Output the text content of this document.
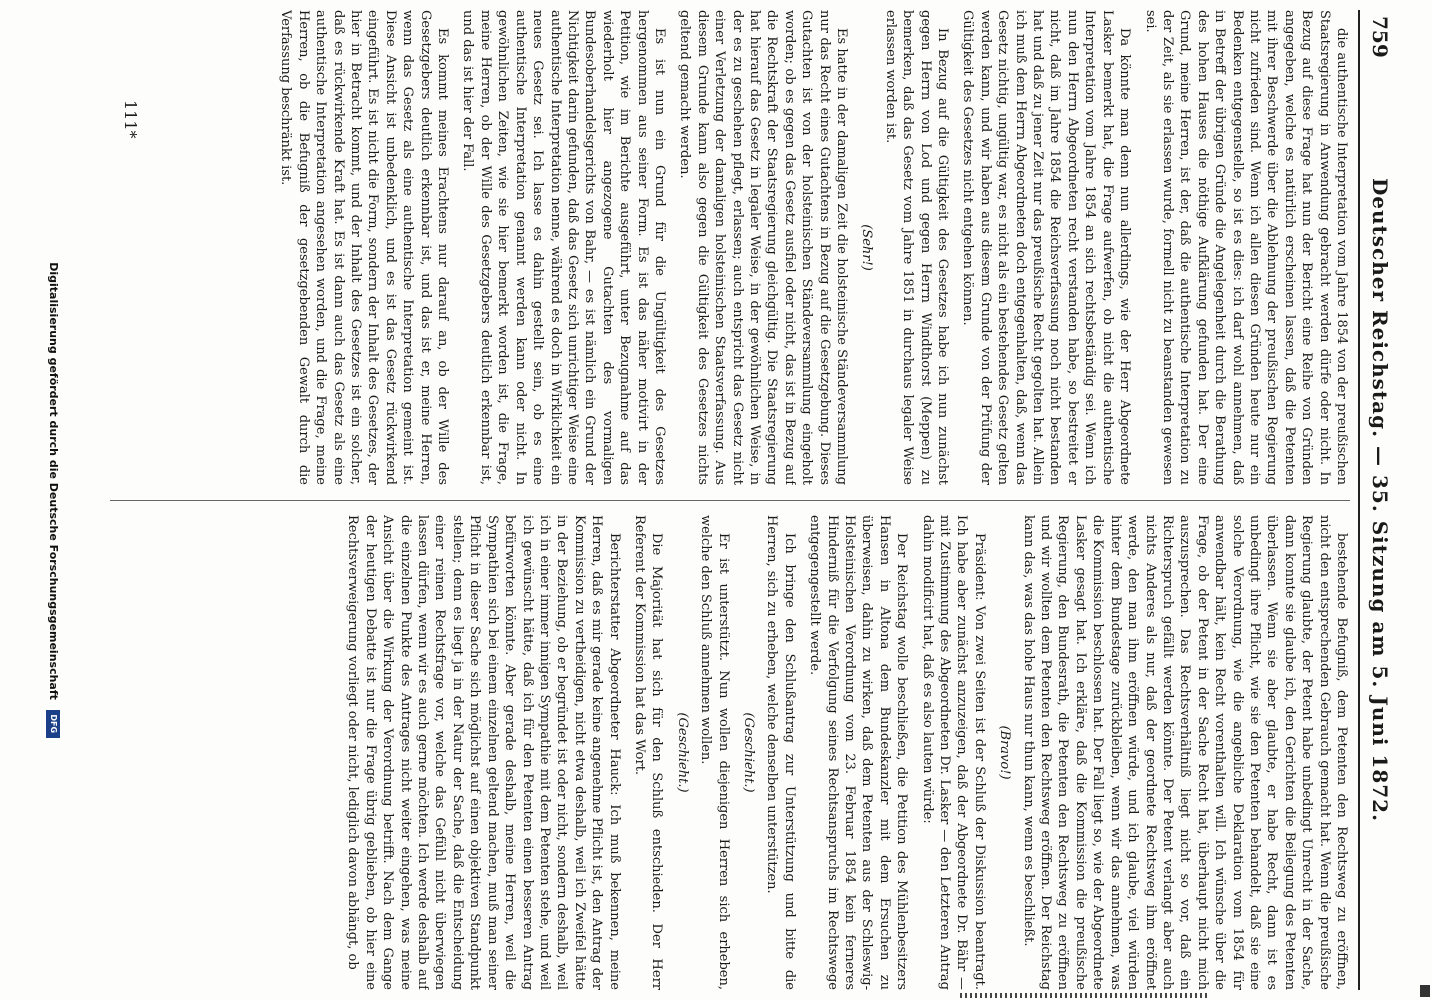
759
Deutscher Reichstag. — 35. Sitzung am 5. Juni 1872.

die authentische Interpretation vom Jahre 1854 von der preußischen Staatsregierung in Anwendung gebracht werden dürfe oder nicht. In Bezug auf diese Frage hat nun der Bericht eine Reihe von Gründen angegeben, welche es natürlich erscheinen lassen, daß die Petenten mit ihrer Beschwerde über die Ablehnung der preußischen Regierung nicht zufrieden sind. Wenn ich allen diesen Gründen heute nur ein Bedenken entgegenstelle, so ist es dies: ich darf wohl annehmen, daß in Betreff der übrigen Gründe die Angelegenheit durch die Berathung des hohen Hauses die nöthige Aufklärung gefunden hat. Der eine Grund, meine Herren, ist der, daß die authentische Interpretation zu der Zeit, als sie erlassen wurde, formell nicht zu beanstanden gewesen sei.

Da könnte man denn nun allerdings, wie der Herr Abgeordnete Lasker bemerkt hat, die Frage aufwerfen, ob nicht die authentische Interpretation vom Jahre 1854 an sich rechtsbeständig sei. Wenn ich nun den Herrn Abgeordneten recht verstanden habe, so bestreitet er nicht, daß im Jahre 1854 die Reichsverfassung noch nicht bestanden hat und daß zu jener Zeit nur das preußische Recht gegolten hat. Allein ich muß dem Herrn Abgeordneten doch entgegenhalten, daß, wenn das Gesetz nichtig, ungültig war, es nicht als ein bestehendes Gesetz gelten werden kann, und wir haben aus diesem Grunde von der Prüfung der Gültigkeit des Gesetzes nicht entgehen können.

In Bezug auf die Gültigkeit des Gesetzes habe ich nun zunächst gegen Herrn von Lod und gegen Herrn Windthorst (Meppen) zu bemerken, daß das Gesetz vom Jahre 1851 in durchaus legaler Weise erlassen worden ist.

(Sehr!)

Es hatte in der damaligen Zeit die holsteinische Ständeversammlung nur das Recht eines Gutachtens in Bezug auf die Gesetzgebung. Dieses Gutachten ist von der holsteinischen Ständeversammlung eingeholt worden; ob es gegen das Gesetz ausfiel oder nicht, das ist in Bezug auf die Rechtskraft der Staatsregierung gleichgültig. Die Staatsregierung hat hierauf das Gesetz in legaler Weise, in der gewöhnlichen Weise, in der es zu geschehen pflegt, erlassen; auch entspricht das Gesetz nicht einer Verletzung der damaligen holsteinischen Staatsverfassung. Aus diesem Grunde kann also gegen die Gültigkeit des Gesetzes nichts geltend gemacht werden.

Es ist nun ein Grund für die Ungültigkeit des Gesetzes hergenommen aus seiner Form. Es ist das näher motivirt in der Petition, wie im Berichte ausgeführt, unter Bezugnahme auf das wiederholt hier angezogene Gutachten des vormaligen Bundesoberhandelsgerichts von Bahr, — es ist nämlich ein Grund der Nichtigkeit darin gefunden, daß das Gesetz sich unrichtiger Weise eine authentische Interpretation nenne, während es doch in Wirklichkeit ein neues Gesetz sei. Ich lasse es dahin gestellt sein, ob es eine authentische Interpretation genannt werden kann oder nicht. In gewöhnlichen Zeiten, wie sie hier bemerkt worden ist, die Frage, meine Herren, ob der Wille des Gesetzgebers deutlich erkennbar ist, und das ist hier der Fall.

Es kommt meines Erachtens nur darauf an, ob der Wille des Gesetzgebers deutlich erkennbar ist, und das ist er, meine Herren, wenn das Gesetz als eine authentische Interpretation gemeint ist. Diese Ansicht ist unbedenklich, und es ist das Gesetz rückwirkend eingeführt. Es ist nicht die Form, sondern der Inhalt des Gesetzes, der hier in Betracht kommt, und der Inhalt des Gesetzes ist ein solcher, daß es rückwirkende Kraft hat. Es ist dann auch das Gesetz als eine authentische Interpretation angesehen worden, und die Frage, meine Herren, ob die Befugniß der gesetzgebenden Gewalt durch die Verfassung beschränkt ist.

bestehende Befugniß, dem Petenten den Rechtsweg zu eröffnen, nicht den entsprechenden Gebrauch gemacht hat. Wenn die preußische Regierung glaubte, der Petent habe unbedingt Unrecht in der Sache, dann konnte sie glaube ich, den Gerichten die Beilegung des Petenten überlassen. Wenn sie aber glaubte, er habe Recht, dann ist es unbedingt ihre Pflicht, wie sie den Petenten behandelt, daß sie eine solche Verordnung, wie die angebliche Deklaration vom 1854 für anwendbar hält, kein Recht vorenthalten will. Ich wünsche über die Frage, ob der Petent in der Sache Recht hat, überhaupt nicht mich auszusprechen. Das Rechtsverhältniß liegt nicht so vor, daß ein Richterspruch gefällt werden könnte. Der Petent verlangt aber auch nichts Anderes als nur, daß der geordnete Rechtsweg ihm eröffnet werde, den man ihm eröffnen würde, und ich glaube, viel würden hinter dem Bundestage zurückbleiben, wenn wir das annehmen, was die Kommission beschlossen hat. Der Fall liegt so, wie der Abgeordnete Lasker gesagt hat. Ich erkläre, daß die Kommission die preußische Regierung, den Bundesrath, die Petenten den Rechtsweg zu eröffnen und wir wollten dem Petenten den Rechtsweg eröffnen. Der Reichstag kann das, was das hohe Haus nur thun kann, wenn es beschließt.

(Bravo!)

Präsident: Von zwei Seiten ist der Schluß der Diskussion beantragt. Ich habe aber zunächst anzuzeigen, daß der Abgeordnete Dr. Bähr — mit Zustimmung des Abgeordneten Dr. Lasker — den Letzteren Antrag dahin modificirt hat, daß es also lauten würde:

Der Reichstag wolle beschließen, die Petition des Mühlenbesitzers Hansen in Altona dem Bundeskanzler mit dem Ersuchen zu überweisen, dahin zu wirken, daß dem Petenten aus der Schleswig-Holsteinischen Verordnung vom 23. Februar 1854 kein ferneres Hinderniß für die Verfolgung seines Rechtsanspruchs im Rechtswege entgegengestellt werde.

Ich bringe den Schlußantrag zur Unterstützung und bitte die Herren, sich zu erheben, welche denselben unterstützen.

(Geschieht.)

Er ist unterstützt. Nun wollen diejenigen Herren sich erheben, welche den Schluß annehmen wollen.

(Geschieht.)

Die Majorität hat sich für den Schluß entschieden. Der Herr Referent der Kommission hat das Wort.

Berichterstatter Abgeordneter Hauck: Ich muß bekennen, meine Herren, daß es mir gerade keine angenehme Pflicht ist, den Antrag der Kommission zu vertheidigen, nicht etwa deshalb, weil ich Zweifel hätte in der Beziehung, ob er begründet ist oder nicht, sondern deshalb, weil ich in einer immer innigen Sympathie mit dem Petenten stehe, und weil ich gewünscht hätte, daß ich für den Petenten einen besseren Antrag befürworten könnte. Aber gerade deshalb, meine Herren, weil die Sympathien sich bei einem einzelnen geltend machen, muß man seiner Pflicht in dieser Sache sich möglichst auf einen objektiven Standpunkt stellen; denn es liegt ja in der Natur der Sache, daß die Entscheidung einer reinen Rechtsfrage vor, welche das Gefühl nicht überwiegen lassen dürfen, wenn wir es auch gerne möchten. Ich werde deshalb auf die einzelnen Punkte des Antrages nicht weiter eingehen, was meine Ansicht über die Wirkung der Verordnung betrifft. Nach dem Gange der heutigen Debatte ist nur die Frage übrig geblieben, ob hier eine Rechtsverweigerung vorliegt oder nicht, lediglich davon abhängt, ob

111*
Digitalisierung gefördert durch die Deutsche Forschungsgemeinschaft DFG
